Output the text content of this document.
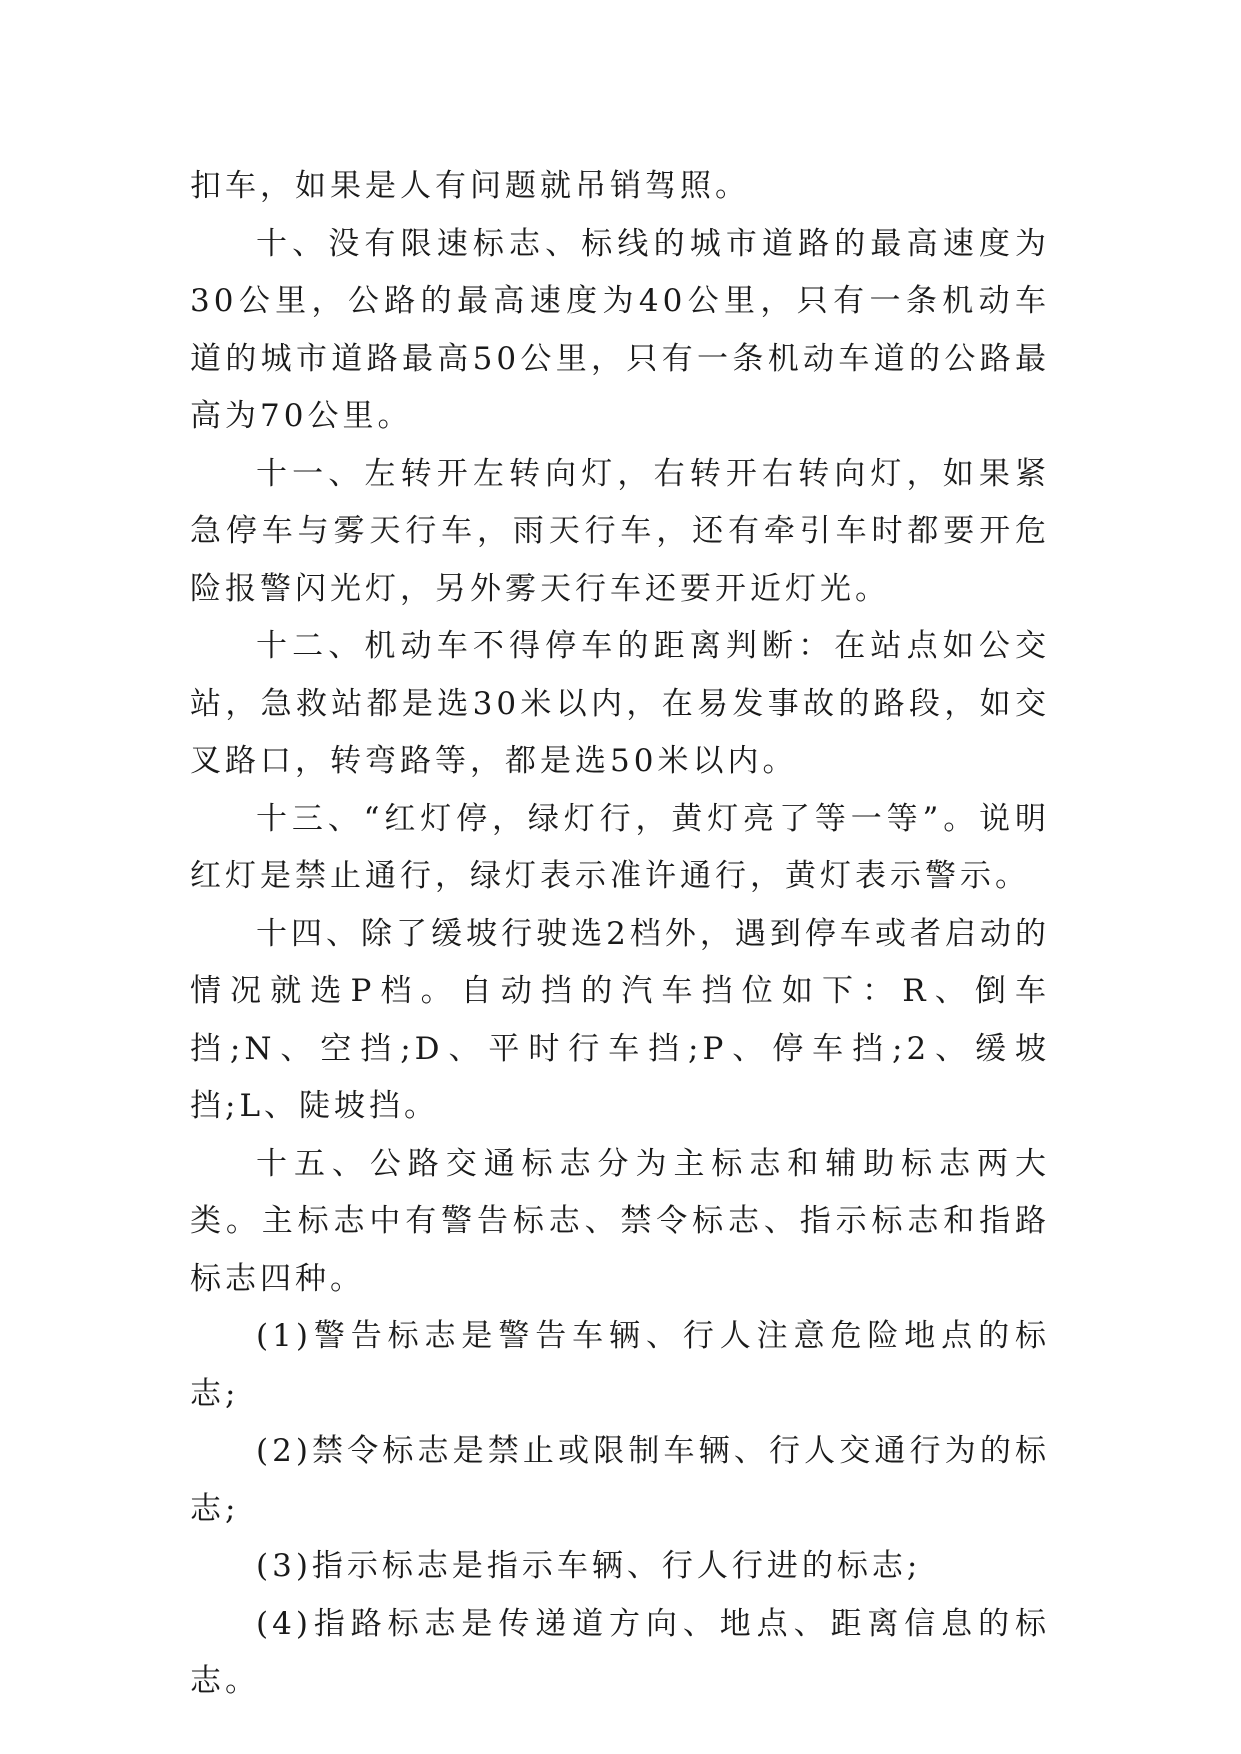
扣车，如果是人有问题就吊销驾照。

十、没有限速标志、标线的城市道路的最高速度为30公里，公路的最高速度为40公里，只有一条机动车道的城市道路最高50公里，只有一条机动车道的公路最高为70公里。

十一、左转开左转向灯，右转开右转向灯，如果紧急停车与雾天行车，雨天行车，还有牵引车时都要开危险报警闪光灯，另外雾天行车还要开近灯光。

十二、机动车不得停车的距离判断：在站点如公交站，急救站都是选30米以内，在易发事故的路段，如交叉路口，转弯路等，都是选50米以内。

十三、“红灯停，绿灯行，黄灯亮了等一等”。说明红灯是禁止通行，绿灯表示准许通行，黄灯表示警示。

十四、除了缓坡行驶选2档外，遇到停车或者启动的情况就选P档。自动挡的汽车挡位如下：R、倒车挡;N、空挡;D、平时行车挡;P、停车挡;2、缓坡挡;L、陡坡挡。

十五、公路交通标志分为主标志和辅助标志两大类。主标志中有警告标志、禁令标志、指示标志和指路标志四种。

(1)警告标志是警告车辆、行人注意危险地点的标志;

(2)禁令标志是禁止或限制车辆、行人交通行为的标志;

(3)指示标志是指示车辆、行人行进的标志;

(4)指路标志是传递道方向、地点、距离信息的标志。
